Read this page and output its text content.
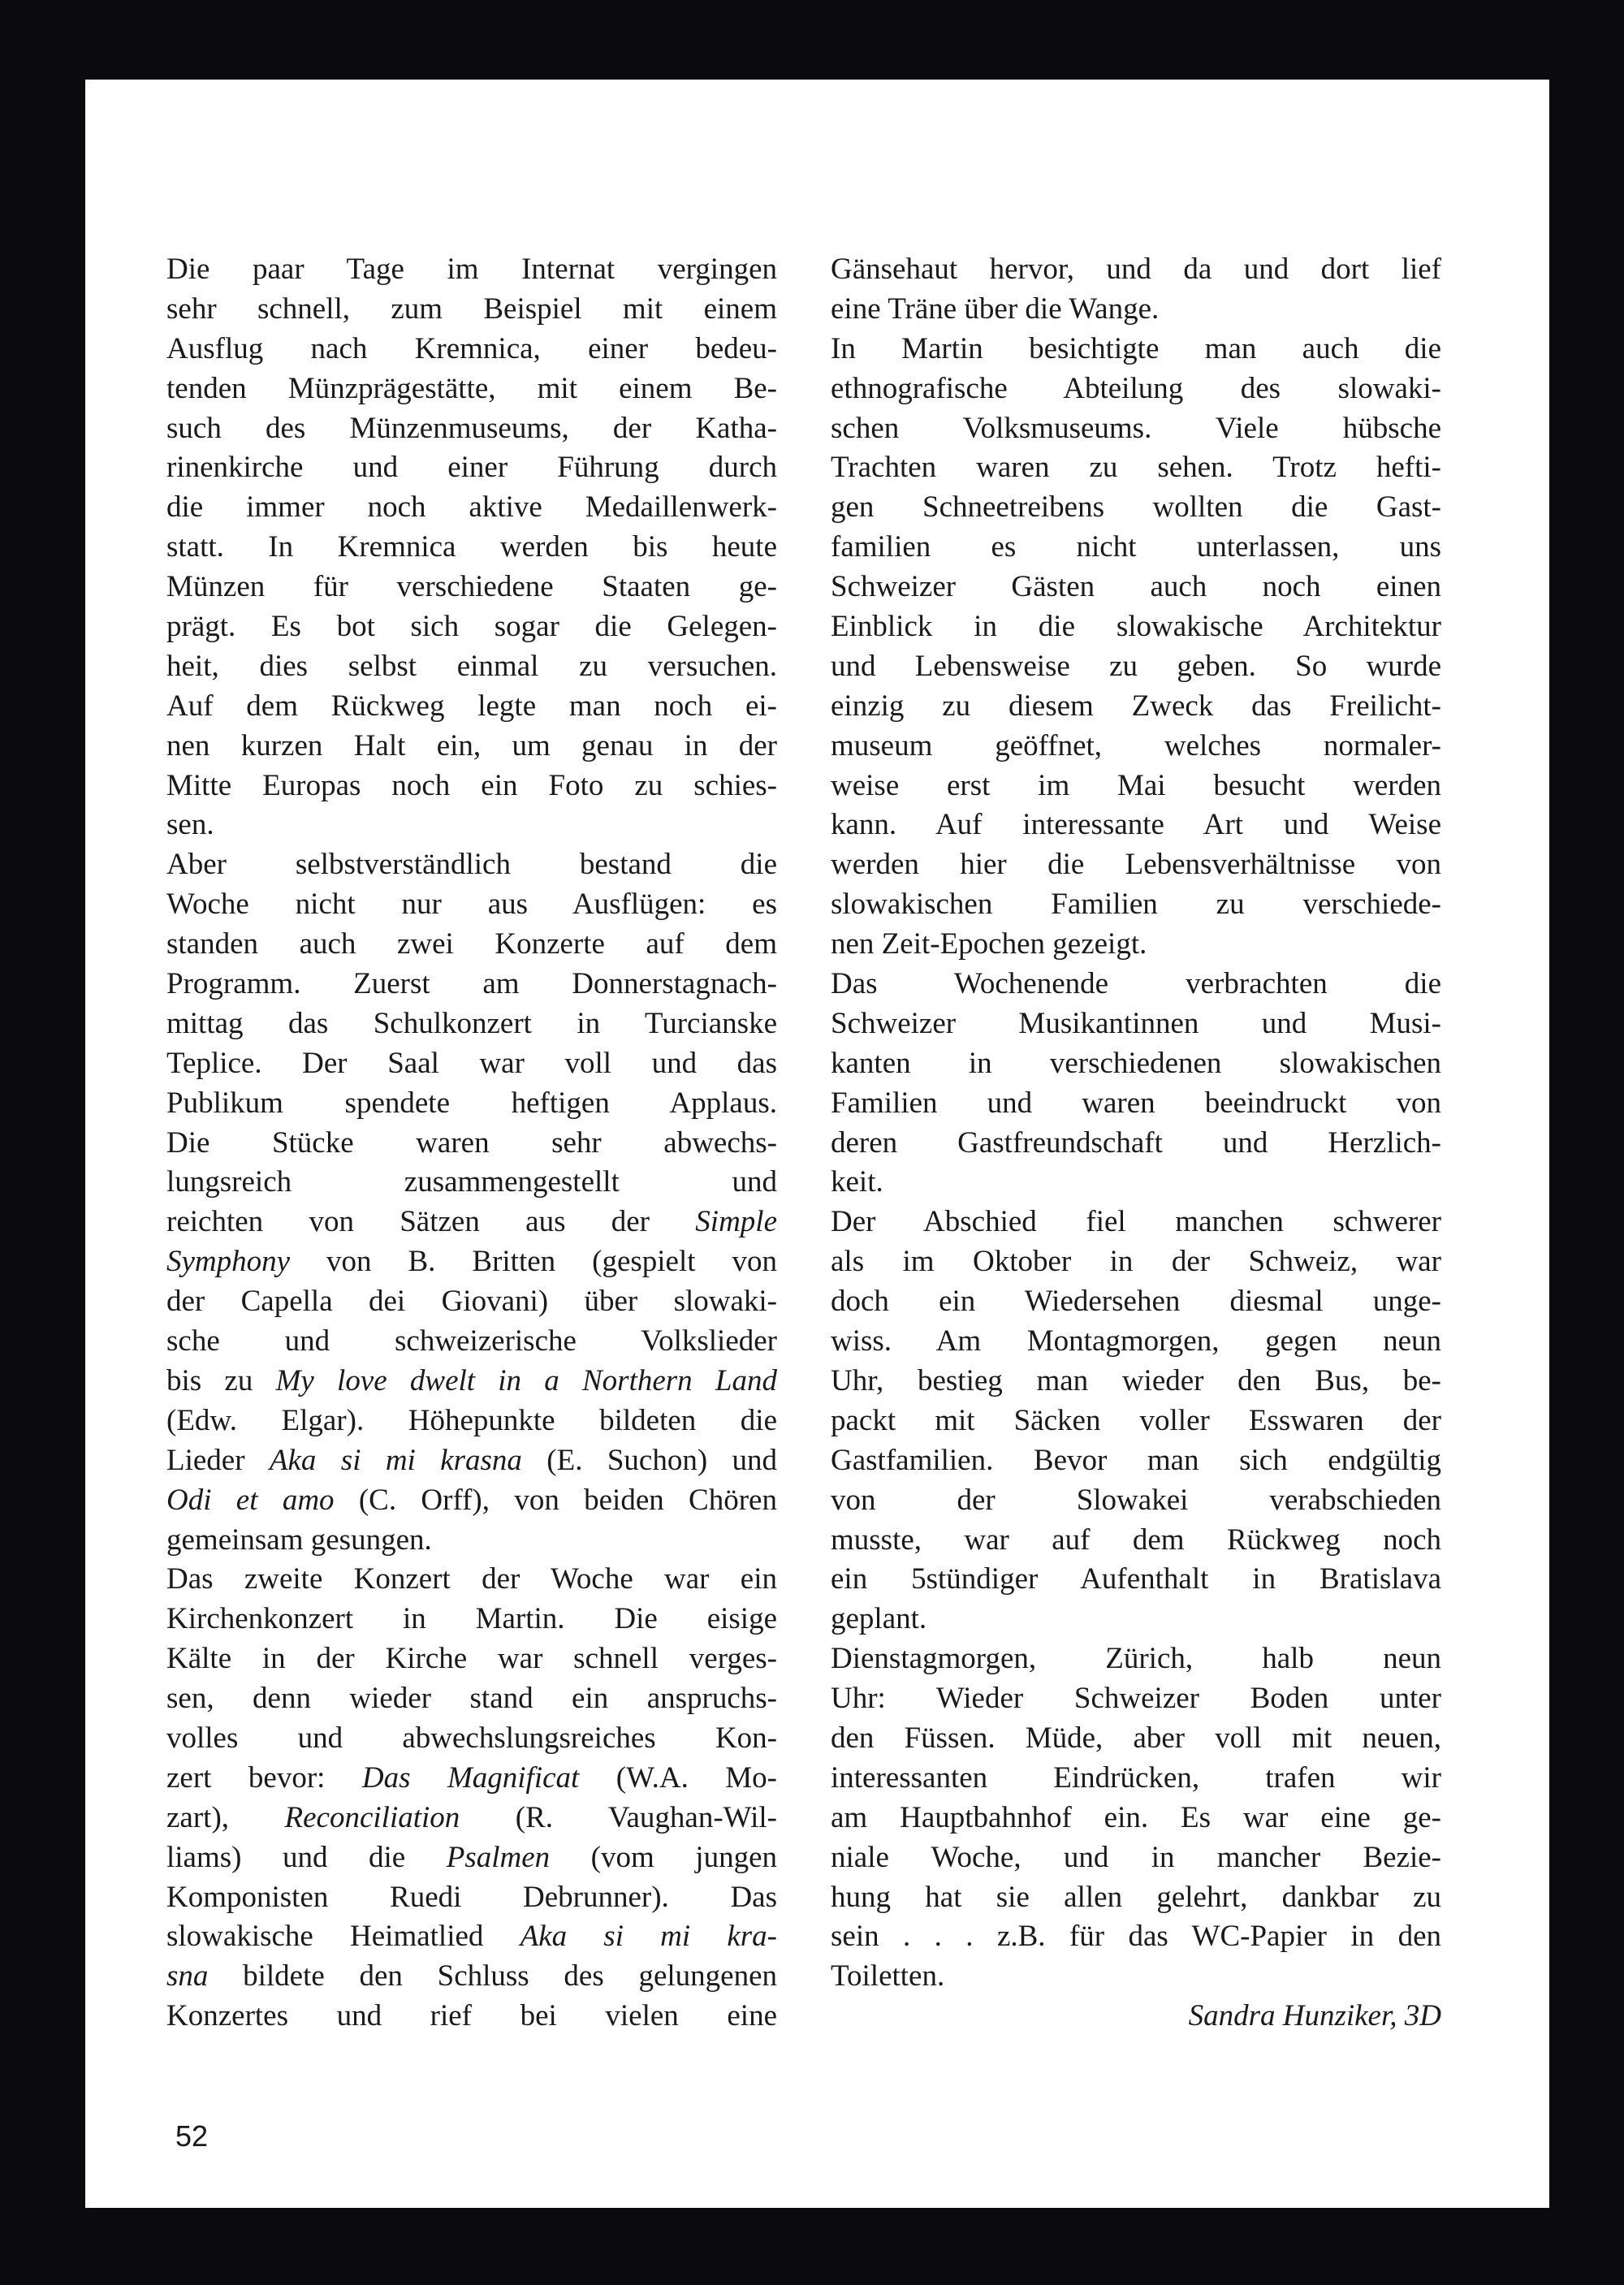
Die paar Tage im Internat vergingen
sehr schnell, zum Beispiel mit einem
Ausflug nach Kremnica, einer bedeu-
tenden Münzprägestätte, mit einem Be-
such des Münzenmuseums, der Katha-
rinenkirche und einer Führung durch
die immer noch aktive Medaillenwerk-
statt. In Kremnica werden bis heute
Münzen für verschiedene Staaten ge-
prägt. Es bot sich sogar die Gelegen-
heit, dies selbst einmal zu versuchen.
Auf dem Rückweg legte man noch ei-
nen kurzen Halt ein, um genau in der
Mitte Europas noch ein Foto zu schies-
sen.
Aber selbstverständlich bestand die
Woche nicht nur aus Ausflügen: es
standen auch zwei Konzerte auf dem
Programm. Zuerst am Donnerstagnach-
mittag das Schulkonzert in Turcianske
Teplice. Der Saal war voll und das
Publikum spendete heftigen Applaus.
Die Stücke waren sehr abwechs-
lungsreich zusammengestellt und
reichten von Sätzen aus der Simple
Symphony von B. Britten (gespielt von
der Capella dei Giovani) über slowaki-
sche und schweizerische Volkslieder
bis zu My love dwelt in a Northern Land
(Edw. Elgar). Höhepunkte bildeten die
Lieder Aka si mi krasna (E. Suchon) und
Odi et amo (C. Orff), von beiden Chören
gemeinsam gesungen.
Das zweite Konzert der Woche war ein
Kirchenkonzert in Martin. Die eisige
Kälte in der Kirche war schnell verges-
sen, denn wieder stand ein anspruchs-
volles und abwechslungsreiches Kon-
zert bevor: Das Magnificat (W.A. Mo-
zart), Reconciliation (R. Vaughan-Wil-
liams) und die Psalmen (vom jungen
Komponisten Ruedi Debrunner). Das
slowakische Heimatlied Aka si mi kra-
sna bildete den Schluss des gelungenen
Konzertes und rief bei vielen eine
Gänsehaut hervor, und da und dort lief
eine Träne über die Wange.
In Martin besichtigte man auch die
ethnografische Abteilung des slowaki-
schen Volksmuseums. Viele hübsche
Trachten waren zu sehen. Trotz hefti-
gen Schneetreibens wollten die Gast-
familien es nicht unterlassen, uns
Schweizer Gästen auch noch einen
Einblick in die slowakische Architektur
und Lebensweise zu geben. So wurde
einzig zu diesem Zweck das Freilicht-
museum geöffnet, welches normaler-
weise erst im Mai besucht werden
kann. Auf interessante Art und Weise
werden hier die Lebensverhältnisse von
slowakischen Familien zu verschiede-
nen Zeit-Epochen gezeigt.
Das Wochenende verbrachten die
Schweizer Musikantinnen und Musi-
kanten in verschiedenen slowakischen
Familien und waren beeindruckt von
deren Gastfreundschaft und Herzlich-
keit.
Der Abschied fiel manchen schwerer
als im Oktober in der Schweiz, war
doch ein Wiedersehen diesmal unge-
wiss. Am Montagmorgen, gegen neun
Uhr, bestieg man wieder den Bus, be-
packt mit Säcken voller Esswaren der
Gastfamilien. Bevor man sich endgültig
von der Slowakei verabschieden
musste, war auf dem Rückweg noch
ein 5stündiger Aufenthalt in Bratislava
geplant.
Dienstagmorgen, Zürich, halb neun
Uhr: Wieder Schweizer Boden unter
den Füssen. Müde, aber voll mit neuen,
interessanten Eindrücken, trafen wir
am Hauptbahnhof ein. Es war eine ge-
niale Woche, und in mancher Bezie-
hung hat sie allen gelehrt, dankbar zu
sein . . . z.B. für das WC-Papier in den
Toiletten.
Sandra Hunziker, 3D
52
